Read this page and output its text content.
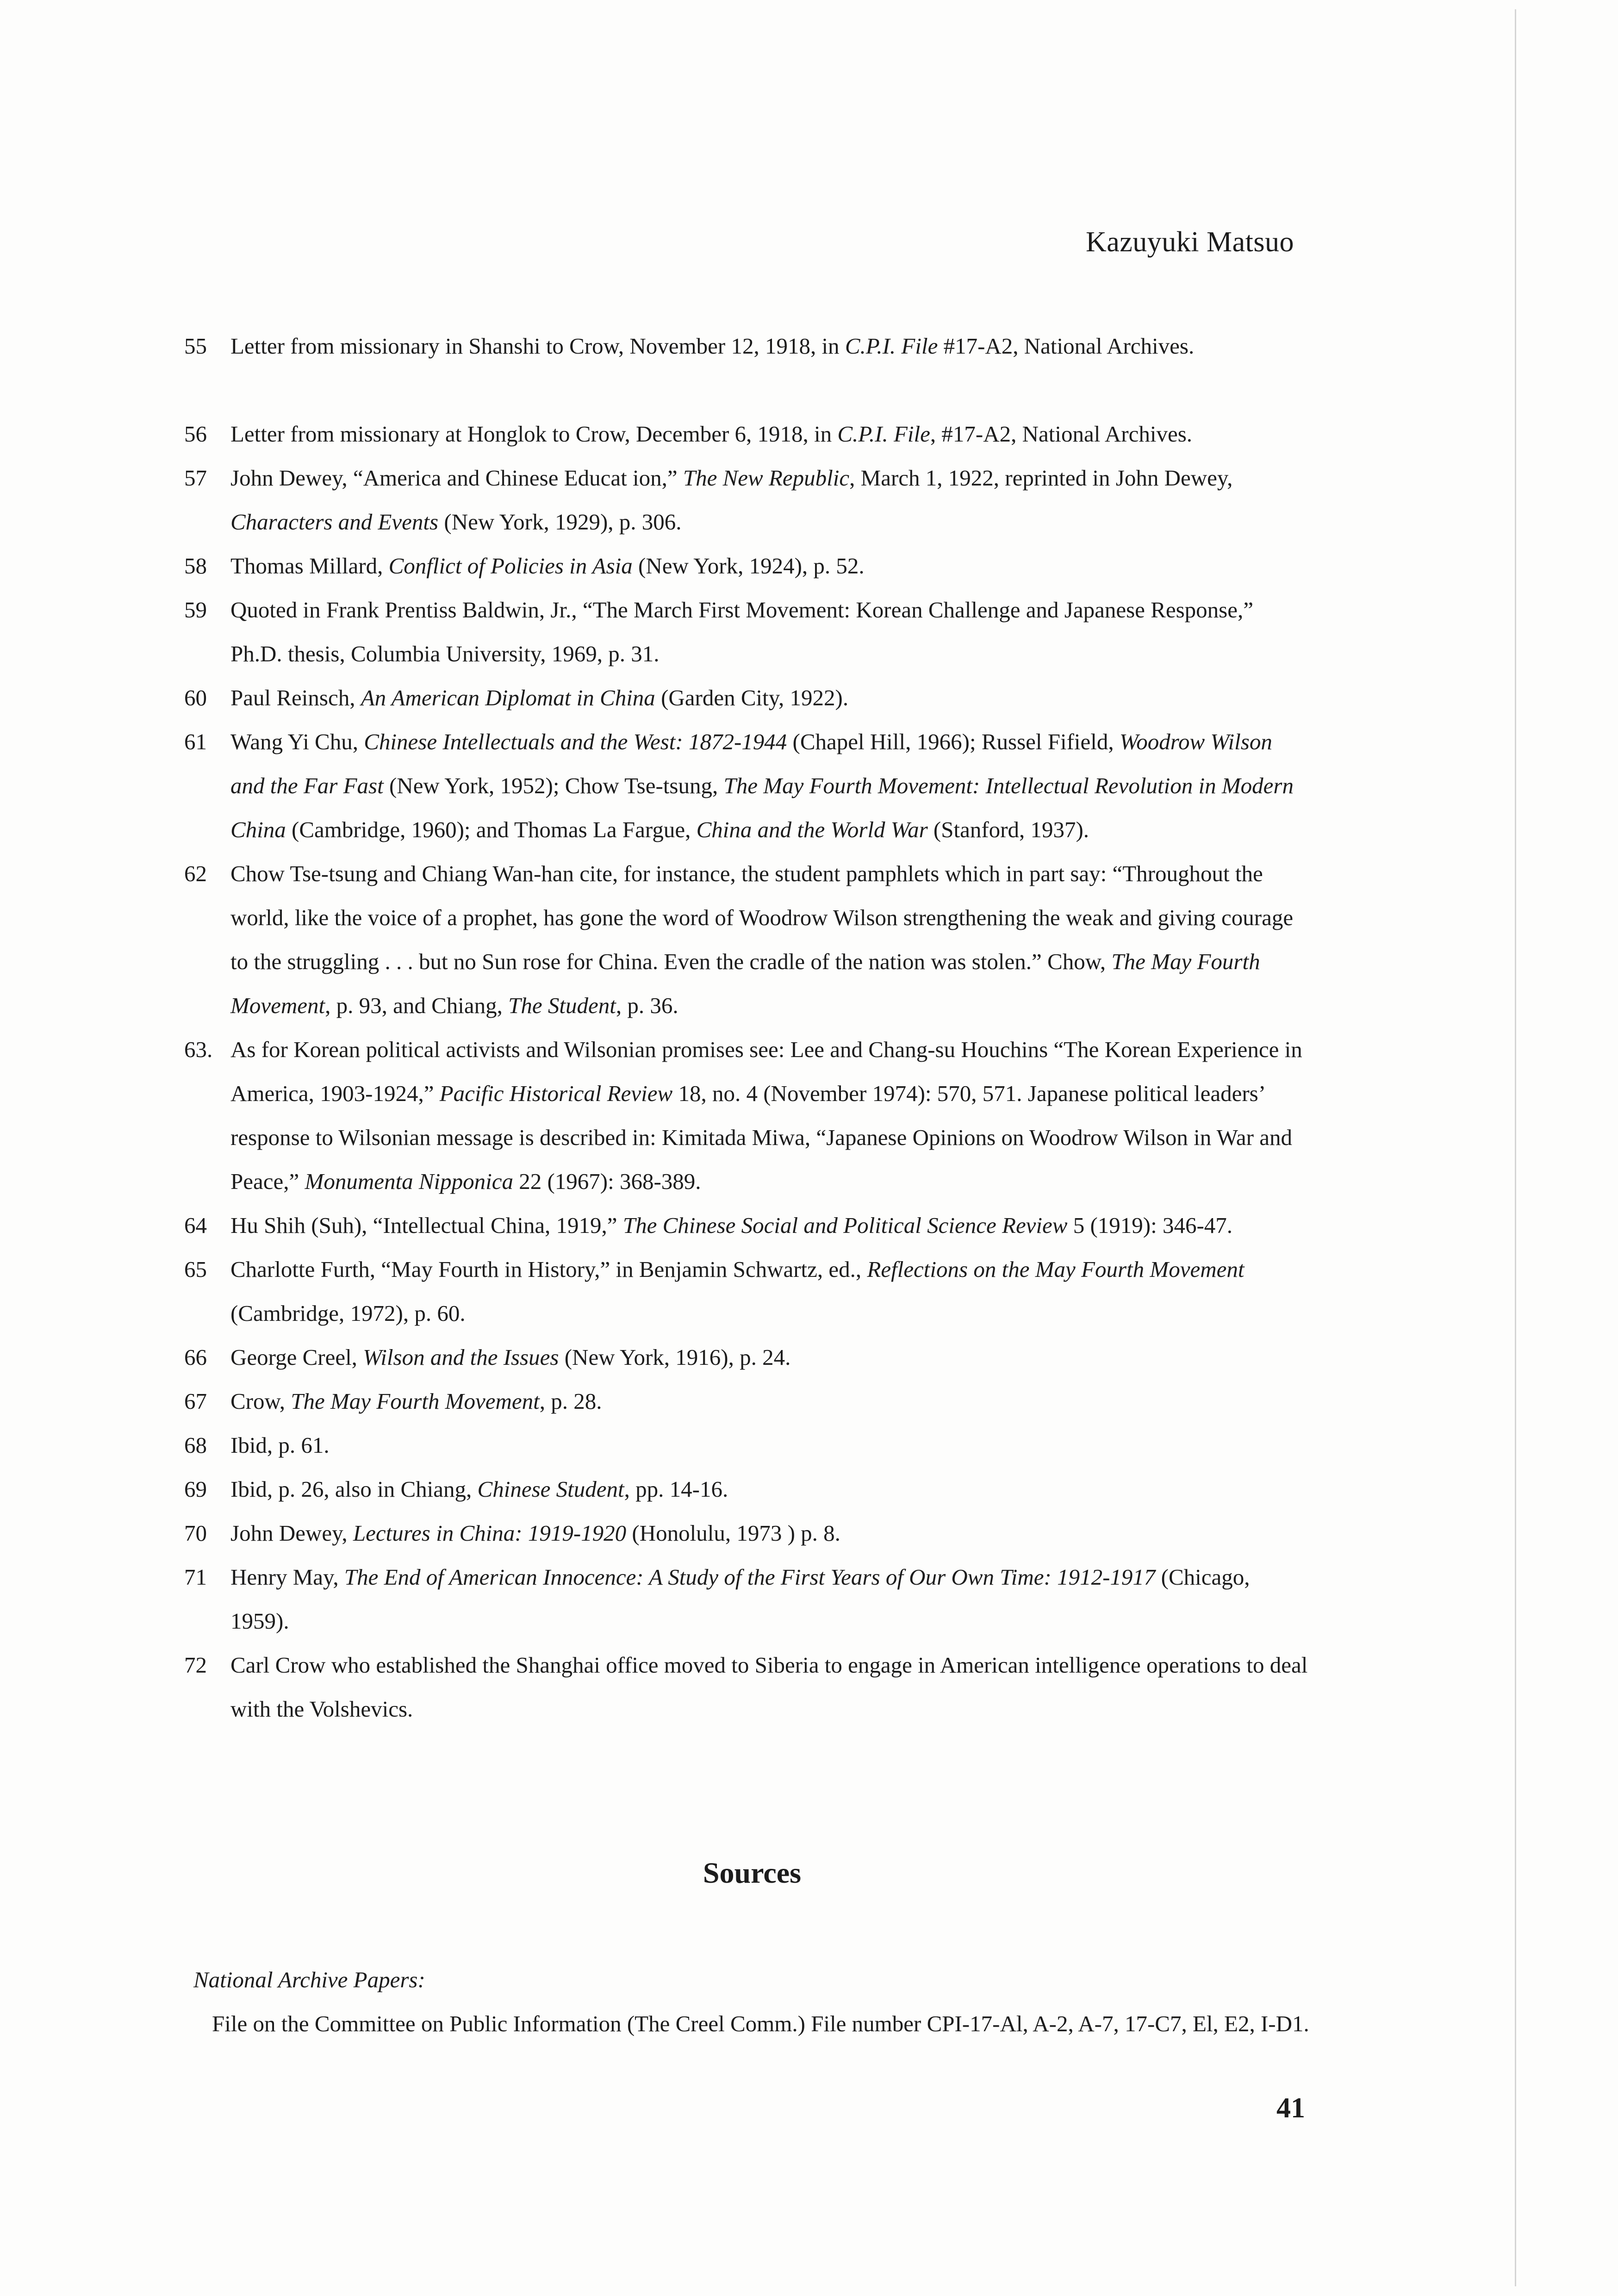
Kazuyuki Matsuo
55	Letter from missionary in Shanshi to Crow, November 12, 1918, in C.P.I. File #17-A2, National Archives.
56	Letter from missionary at Honglok to Crow, December 6, 1918, in C.P.I. File, #17-A2, National Archives.
57	John Dewey, “America and Chinese Educat ion,” The New Republic, March 1, 1922, reprinted in John Dewey, Characters and Events (New York, 1929), p. 306.
58	Thomas Millard, Conflict of Policies in Asia (New York, 1924), p. 52.
59	Quoted in Frank Prentiss Baldwin, Jr., “The March First Movement: Korean Challenge and Japanese Response,” Ph.D. thesis, Columbia University, 1969, p. 31.
60	Paul Reinsch, An American Diplomat in China (Garden City, 1922).
61	Wang Yi Chu, Chinese Intellectuals and the West: 1872-1944 (Chapel Hill, 1966); Russel Fifield, Woodrow Wilson and the Far Fast (New York, 1952); Chow Tse-tsung, The May Fourth Movement: Intellectual Revolution in Modern China (Cambridge, 1960); and Thomas La Fargue, China and the World War (Stanford, 1937).
62	Chow Tse-tsung and Chiang Wan-han cite, for instance, the student pamphlets which in part say: “Throughout the world, like the voice of a prophet, has gone the word of Woodrow Wilson strengthening the weak and giving courage to the struggling . . . but no Sun rose for China. Even the cradle of the nation was stolen.” Chow, The May Fourth Movement, p. 93, and Chiang, The Student, p. 36.
63. As for Korean political activists and Wilsonian promises see: Lee and Chang-su Houchins “The Korean Experience in America, 1903-1924,” Pacific Historical Review 18, no. 4 (November 1974): 570, 571. Japanese political leaders’ response to Wilsonian message is described in: Kimitada Miwa, “Japanese Opinions on Woodrow Wilson in War and Peace,” Monumenta Nipponica 22 (1967): 368-389.
64	Hu Shih (Suh), “Intellectual China, 1919,” The Chinese Social and Political Science Review 5 (1919): 346-47.
65	Charlotte Furth, “May Fourth in History,” in Benjamin Schwartz, ed., Reflections on the May Fourth Movement (Cambridge, 1972), p. 60.
66	George Creel, Wilson and the Issues (New York, 1916), p. 24.
67	Crow, The May Fourth Movement, p. 28.
68	Ibid, p. 61.
69	Ibid, p. 26, also in Chiang, Chinese Student, pp. 14-16.
70	John Dewey, Lectures in China: 1919-1920 (Honolulu, 1973 ) p. 8.
71	Henry May, The End of American Innocence: A Study of the First Years of Our Own Time: 1912-1917 (Chicago, 1959).
72	Carl Crow who established the Shanghai office moved to Siberia to engage in American intelligence operations to deal with the Volshevics.
Sources
National Archive Papers:
File on the Committee on Public Information (The Creel Comm.) File number CPI-17-Al, A-2, A-7, 17-C7, El, E2, I-D1.
41
